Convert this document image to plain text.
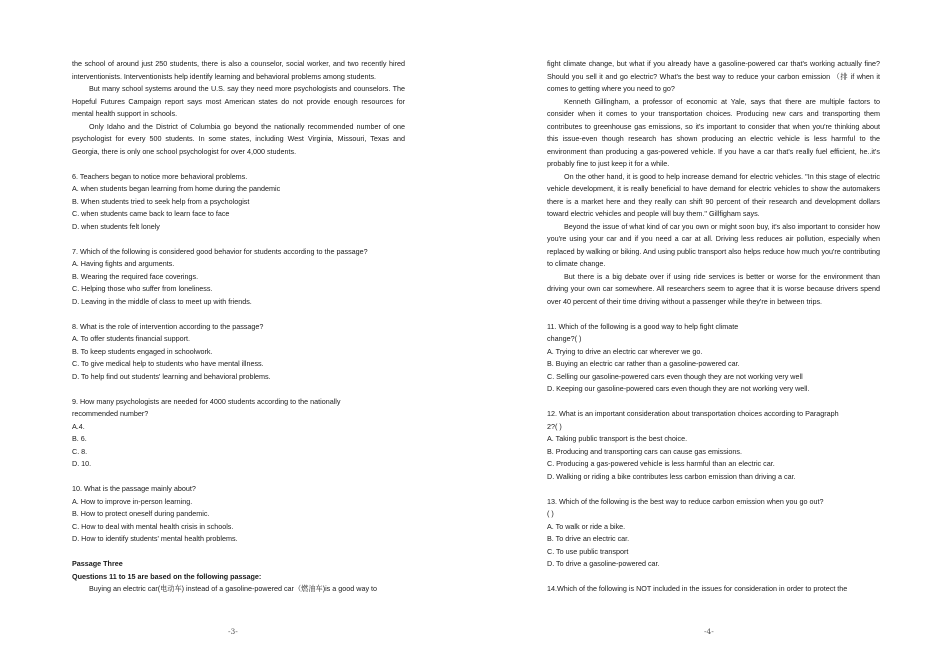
the school of around just 250 students, there is also a counselor, social worker, and two recently hired interventionists. Interventionists help identify learning and behavioral problems among students.

But many school systems around the U.S. say they need more psychologists and counselors. The Hopeful Futures Campaign report says most American states do not provide enough resources for mental health support in schools.

Only Idaho and the District of Columbia go beyond the nationally recommended number of one psychologist for every 500 students. In some states, including West Virginia, Missouri, Texas and Georgia, there is only one school psychologist for over 4,000 students.

6. Teachers began to notice more behavioral problems.

A. when students began learning from home during the pandemic

B. When students tried to seek help from a psychologist

C. when students came back to learn face to face

D. when students felt lonely

7. Which of the following is considered good behavior for students according to the passage?

A. Having fights and arguments.

B. Wearing the required face coverings.

C. Helping those who suffer from loneliness.

D. Leaving in the middle of class to meet up with friends.

8. What is the role of intervention according to the passage?

A. To offer students financial support.

B. To keep students engaged in schoolwork.

C. To give medical help to students who have mental illness.

D. To help find out students' learning and behavioral problems.

9. How many psychologists are needed for 4000 students according to the nationally

recommended number?

A.4.

B. 6.

C. 8.

D. 10.

10. What is the passage mainly about?

A. How to improve in-person learning.

B. How to protect oneself during pandemic.

C. How to deal with mental health crisis in schools.

D. How to identify students' mental health problems.

Passage Three

Questions 11 to 15 are based on the following passage:

Buying an electric car(电动车) instead of a gasoline-powered car（燃油车)is a good way to

-3-

fight climate change, but what if you already have a gasoline-powered car that's working actually fine? Should you sell it and go electric? What's the best way to reduce your carbon emission （排 if when it comes to getting where you need to go?

Kenneth Gillingham, a professor of economic at Yale, says that there are multiple factors to consider when it comes to your transportation choices. Producing new cars and transporting them contributes to greenhouse gas emissions, so it's important to consider that when you're thinking about this issue-even though research has shown producing an electric vehicle is less harmful to the environment than producing a gas-powered vehicle. If you have a car that's really fuel efficient, he..it's probably fine to just keep it for a while.

On the other hand, it is good to help increase demand for electric vehicles. "In this stage of electric vehicle development, it is really beneficial to have demand for electric vehicles to show the automakers there is a market here and they really can shift 90 percent of their research and development dollars toward electric vehicles and people will buy them." Gillfigham says.

Beyond the issue of what kind of car you own or might soon buy, it's also important to consider how you're using your car and if you need a car at all. Driving less reduces air pollution, especially when replaced by walking or biking. And using public transport also helps reduce how much you're contributing to climate change.

But there is a big debate over if using ride services is better or worse for the environment than driving your own car somewhere. All researchers seem to agree that it is worse because drivers spend over 40 percent of their time driving without a passenger while they're in between trips.

11. Which of the following is a good way to help fight climate

change?( )

A. Trying to drive an electric car wherever we go.

B. Buying an electric car rather than a gasoline-powered car.

C. Selling our gasoline-powered cars even though they are not working very well

D. Keeping our gasoline-powered cars even though they are not working very well.

12. What is an important consideration about transportation choices according to Paragraph

2?( )

A. Taking public transport is the best choice.

B. Producing and transporting cars can cause gas emissions.

C. Producing a gas-powered vehicle is less harmful than an electric car.

D. Walking or riding a bike contributes less carbon emission than driving a car.

13. Which of the following is the best way to reduce carbon emission when you go out?

( )

A. To walk or ride a bike.

B. To drive an electric car.

C. To use public transport

D. To drive a gasoline-powered car.

14.Which of the following is NOT included in the issues for consideration in order to protect the

-4-
